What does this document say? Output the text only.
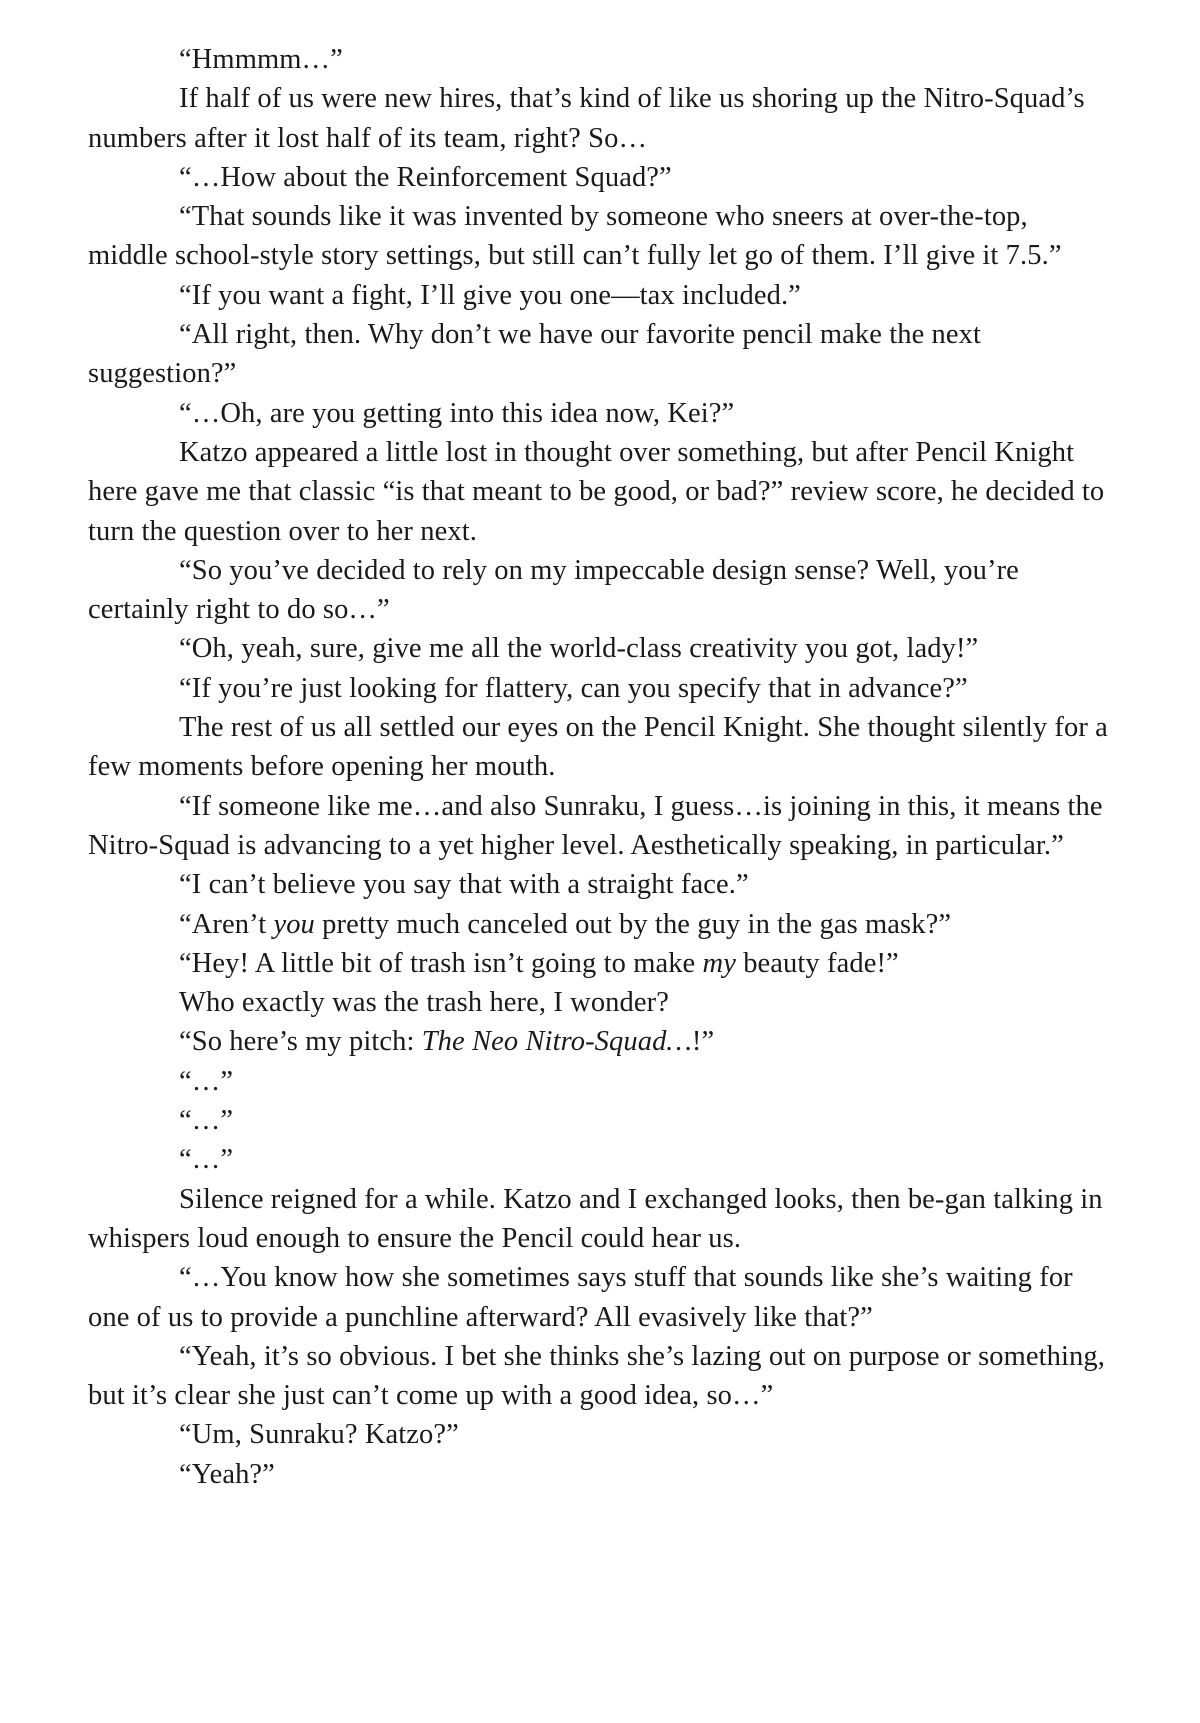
“Hmmmm…”

If half of us were new hires, that’s kind of like us shoring up the Nitro-Squad’s numbers after it lost half of its team, right? So…

“…How about the Reinforcement Squad?”

“That sounds like it was invented by someone who sneers at over-the-top, middle school-style story settings, but still can’t fully let go of them. I’ll give it 7.5.”

“If you want a fight, I’ll give you one—tax included.”

“All right, then. Why don’t we have our favorite pencil make the next suggestion?”

“…Oh, are you getting into this idea now, Kei?”

Katzo appeared a little lost in thought over something, but after Pencil Knight here gave me that classic “is that meant to be good, or bad?” review score, he decided to turn the question over to her next.

“So you’ve decided to rely on my impeccable design sense? Well, you’re certainly right to do so…”

“Oh, yeah, sure, give me all the world-class creativity you got, lady!”

“If you’re just looking for flattery, can you specify that in advance?”

The rest of us all settled our eyes on the Pencil Knight. She thought silently for a few moments before opening her mouth.

“If someone like me…and also Sunraku, I guess…is joining in this, it means the Nitro-Squad is advancing to a yet higher level. Aesthetically speaking, in particular.”

“I can’t believe you say that with a straight face.”

“Aren’t you pretty much canceled out by the guy in the gas mask?”

“Hey! A little bit of trash isn’t going to make my beauty fade!”

Who exactly was the trash here, I wonder?

“So here’s my pitch: The Neo Nitro-Squad…!”

“…”

“…”

“…”

Silence reigned for a while. Katzo and I exchanged looks, then be-gan talking in whispers loud enough to ensure the Pencil could hear us.

“…You know how she sometimes says stuff that sounds like she’s waiting for one of us to provide a punchline afterward? All evasively like that?”

“Yeah, it’s so obvious. I bet she thinks she’s lazing out on purpose or something, but it’s clear she just can’t come up with a good idea, so…”

“Um, Sunraku? Katzo?”

“Yeah?”
